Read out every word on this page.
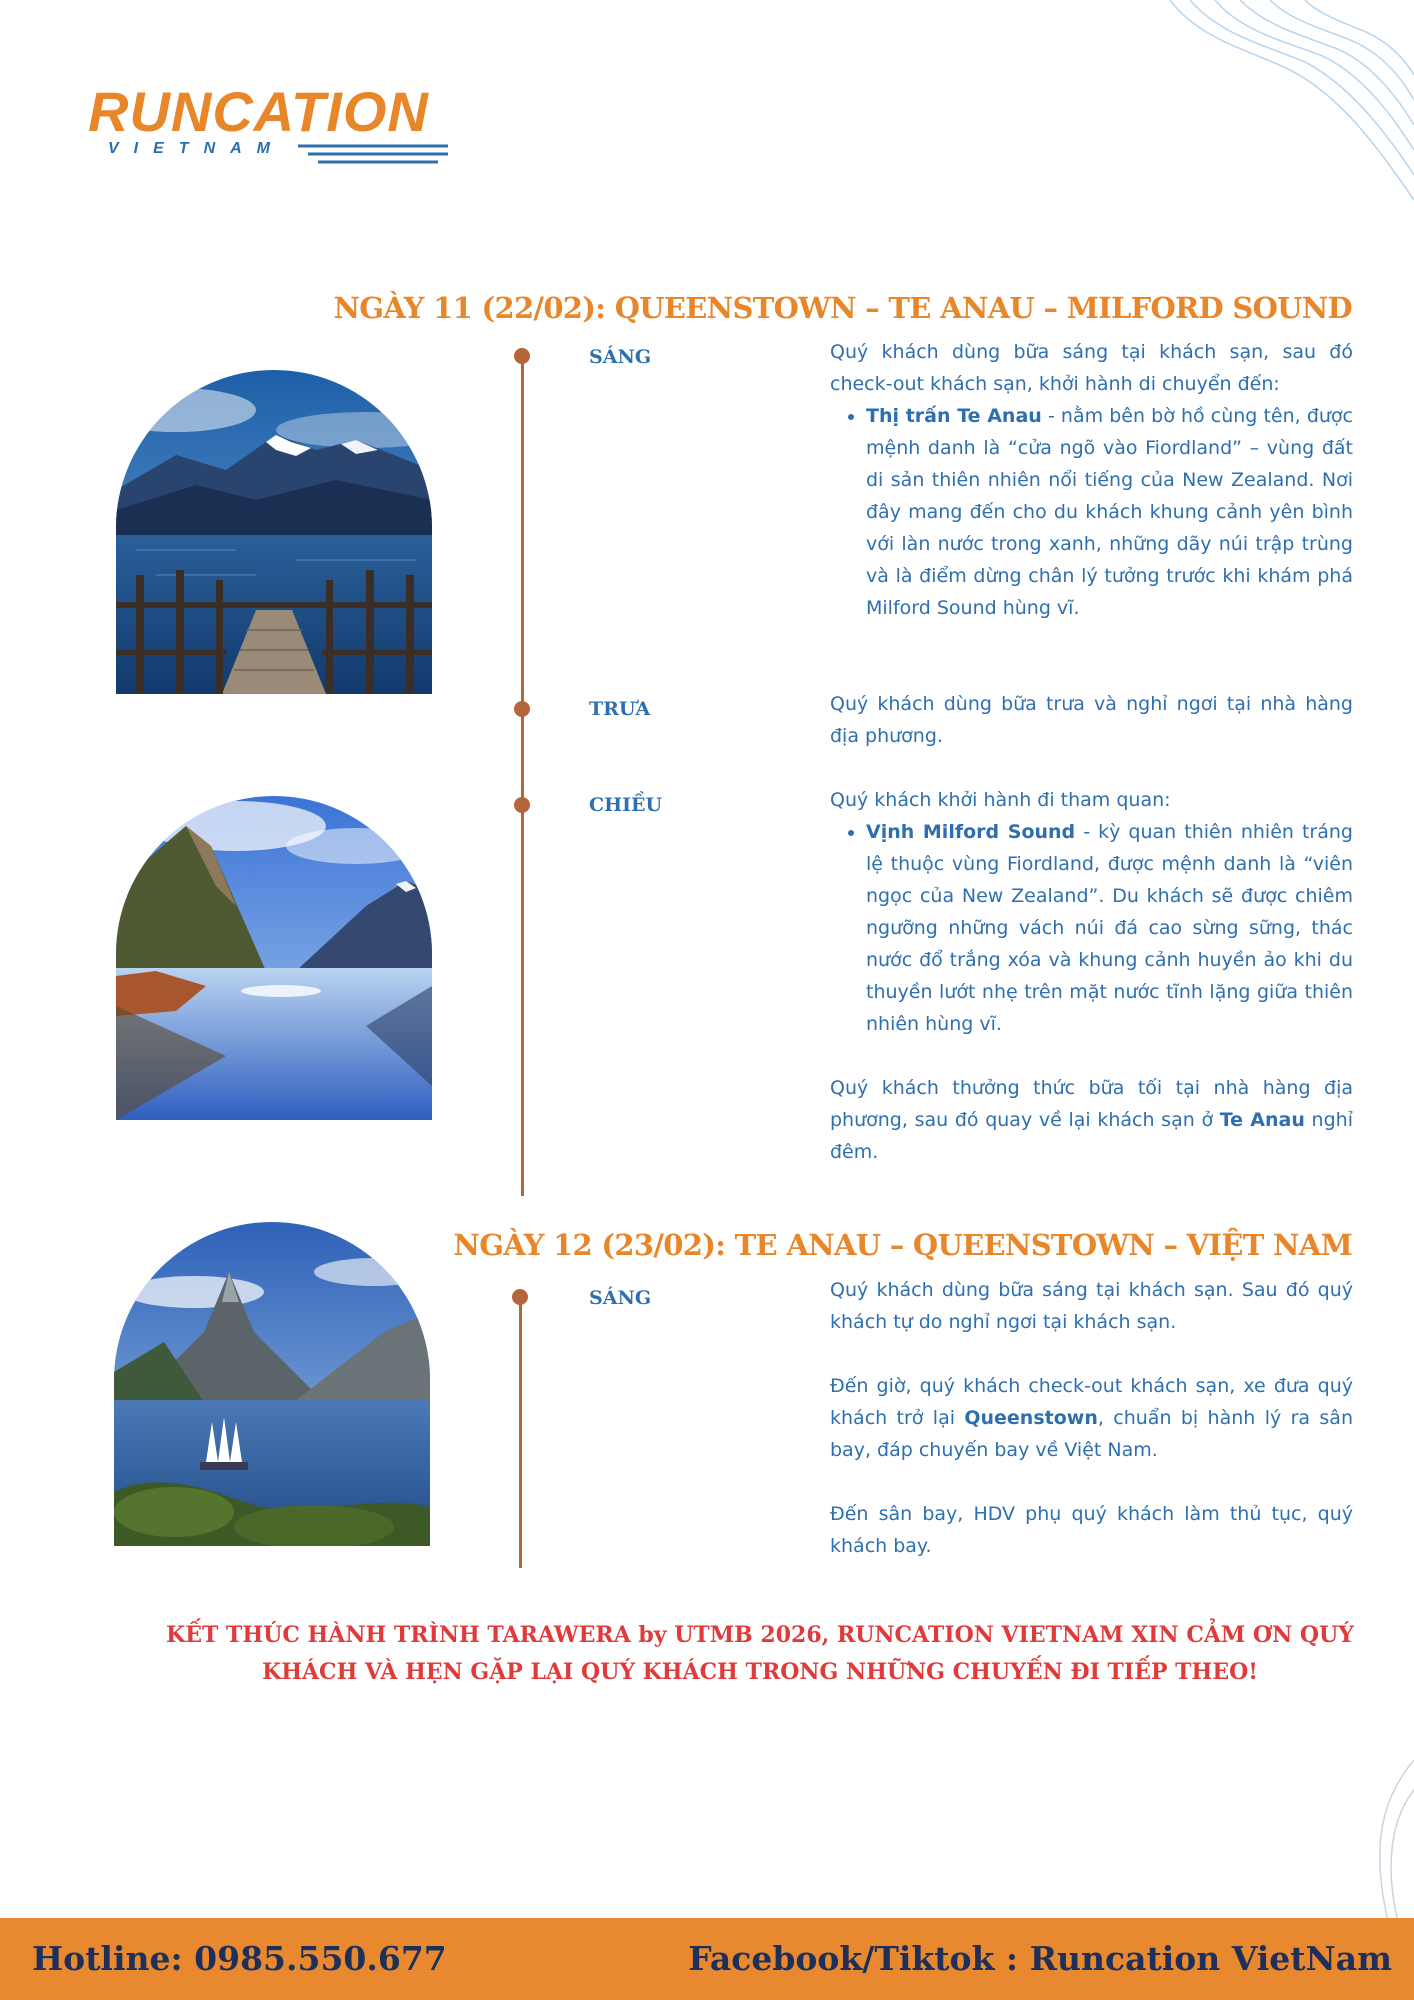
RUNCATION
VIETNAM
NGÀY 11 (22/02): QUEENSTOWN – TE ANAU – MILFORD SOUND
SÁNG
TRƯA
CHIỀU

Quý khách dùng bữa sáng tại khách sạn, sau đó check-out khách sạn, khởi hành di chuyển đến:

• Thị trấn Te Anau - nằm bên bờ hồ cùng tên, được mệnh danh là “cửa ngõ vào Fiordland” – vùng đất di sản thiên nhiên nổi tiếng của New Zealand. Nơi đây mang đến cho du khách khung cảnh yên bình với làn nước trong xanh, những dãy núi trập trùng và là điểm dừng chân lý tưởng trước khi khám phá Milford Sound hùng vĩ.

Quý khách dùng bữa trưa và nghỉ ngơi tại nhà hàng địa phương.

Quý khách khởi hành đi tham quan:

• Vịnh Milford Sound - kỳ quan thiên nhiên tráng lệ thuộc vùng Fiordland, được mệnh danh là “viên ngọc của New Zealand”. Du khách sẽ được chiêm ngưỡng những vách núi đá cao sừng sững, thác nước đổ trắng xóa và khung cảnh huyền ảo khi du thuyền lướt nhẹ trên mặt nước tĩnh lặng giữa thiên nhiên hùng vĩ.

Quý khách thưởng thức bữa tối tại nhà hàng địa phương, sau đó quay về lại khách sạn ở Te Anau nghỉ đêm.

NGÀY 12 (23/02): TE ANAU – QUEENSTOWN – VIỆT NAM
SÁNG	Quý khách dùng bữa sáng tại khách sạn. Sau đó quý khách tự do nghỉ ngơi tại khách sạn.

Đến giờ, quý khách check-out khách sạn, xe đưa quý khách trở lại Queenstown, chuẩn bị hành lý ra sân bay, đáp chuyến bay về Việt Nam.

Đến sân bay, HDV phụ quý khách làm thủ tục, quý khách bay.

KẾT THÚC HÀNH TRÌNH TARAWERA by UTMB 2026, RUNCATION VIETNAM XIN CẢM ƠN QUÝ
KHÁCH VÀ HẸN GẶP LẠI QUÝ KHÁCH TRONG NHỮNG CHUYẾN ĐI TIẾP THEO!
Hotline: 0985.550.677	Facebook/Tiktok : Runcation VietNam
